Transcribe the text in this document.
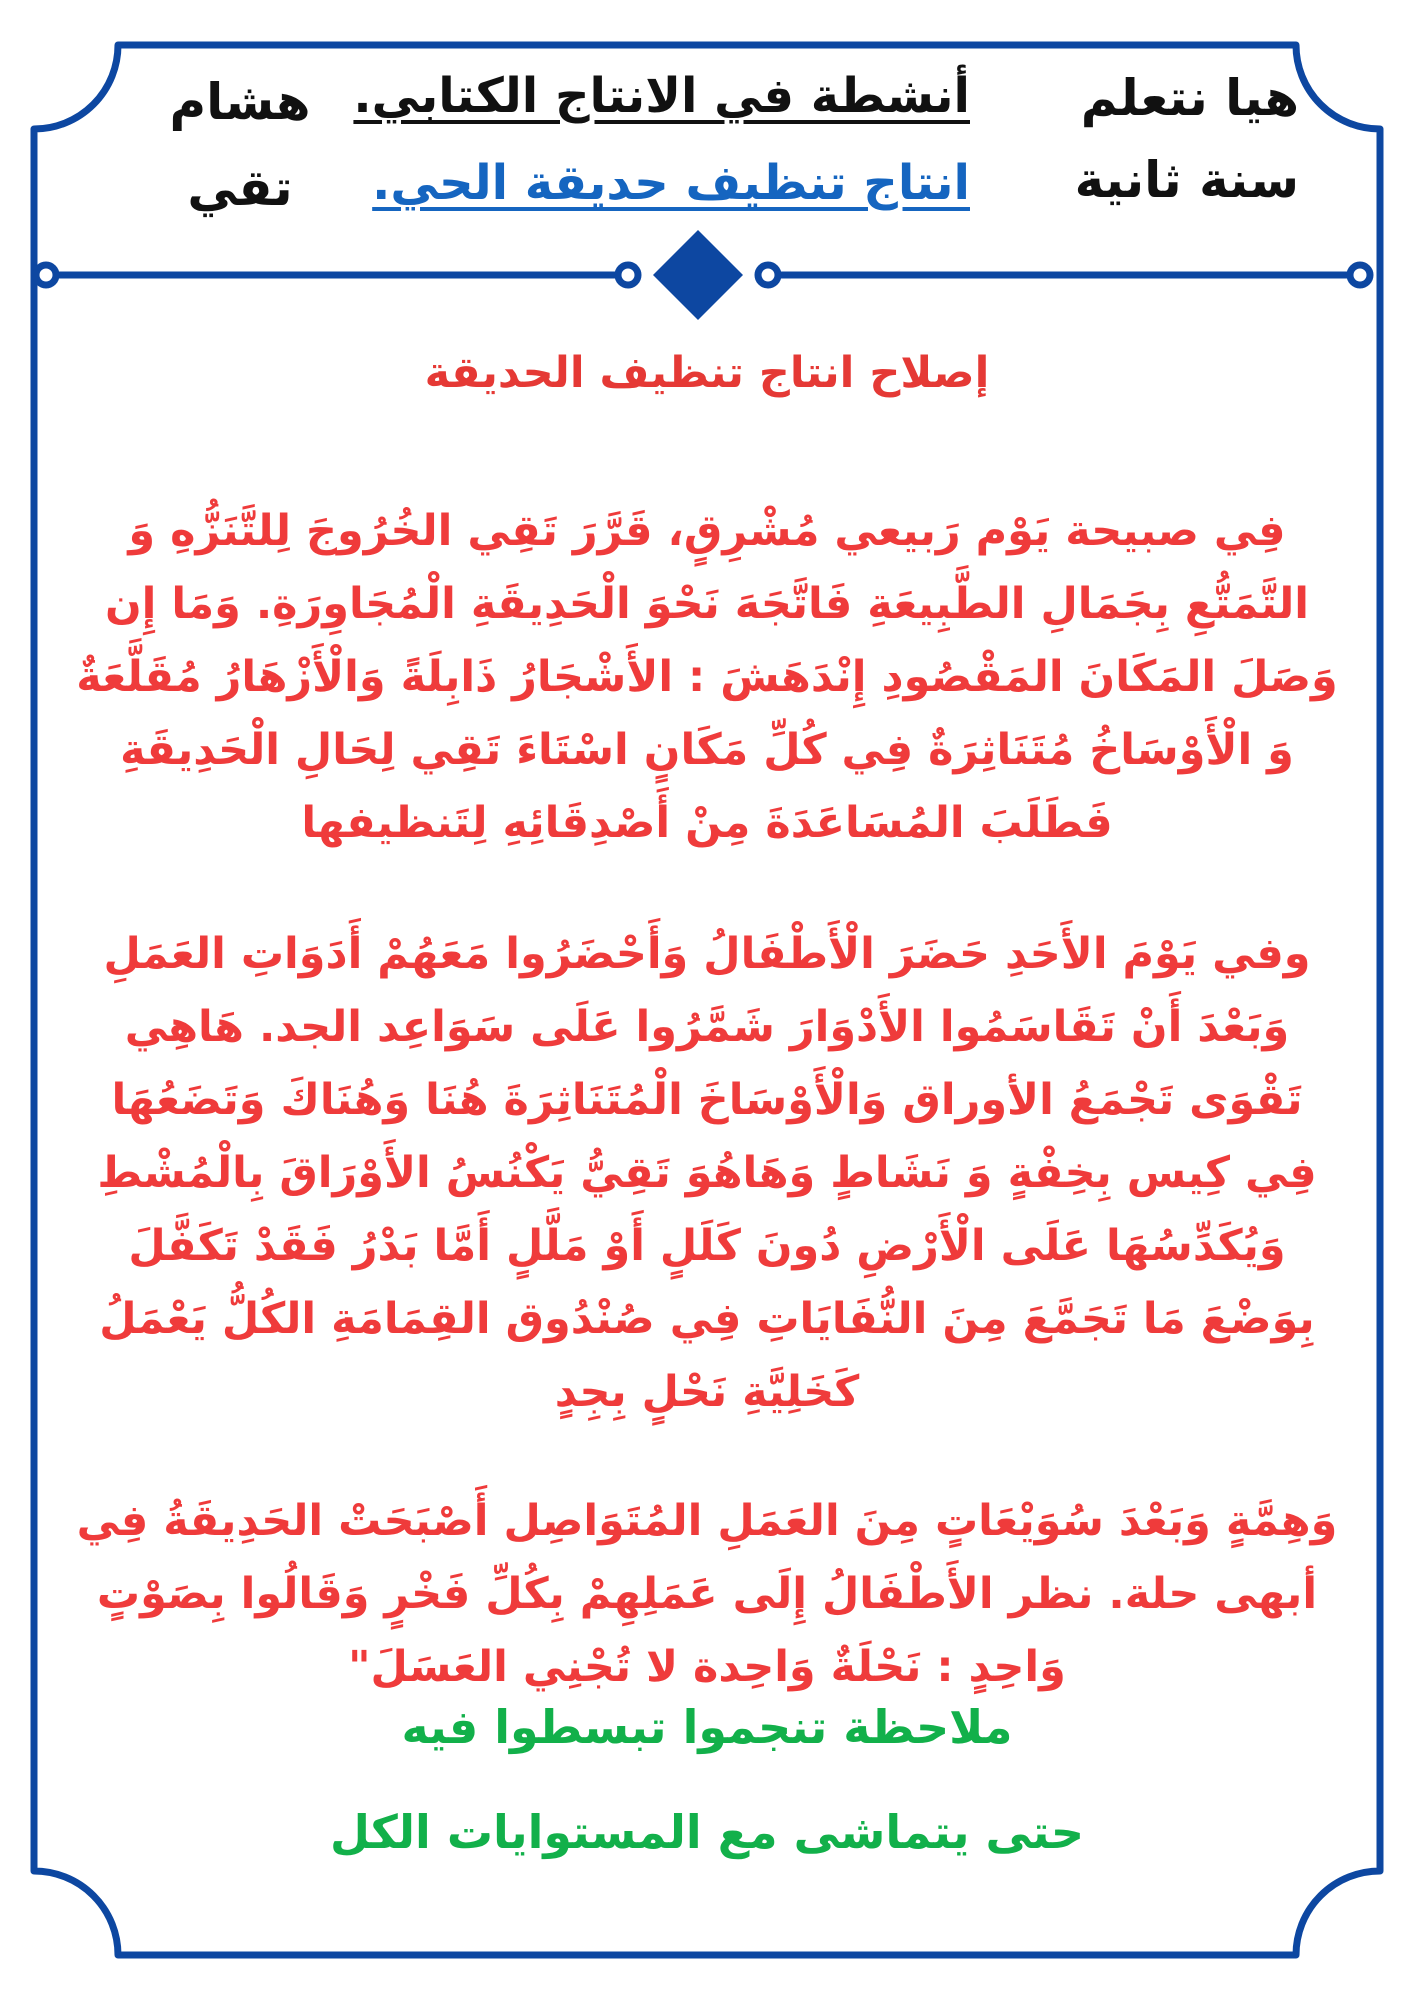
هيا نتعلم
سنة ثانية
أنشطة في الانتاج الكتابي.
انتاج تنظيف حديقة الحي.
هشام
تقي
إصلاح انتاج تنظيف الحديقة
فِي صبيحة يَوْم رَبيعي مُشْرِقٍ، قَرَّرَ تَقِي الخُرُوجَ لِلتَّنَزُّهِ وَ التَّمَتُّعِ بِجَمَالِ الطَّبِيعَةِ فَاتَّجَهَ نَحْوَ الْحَدِيقَةِ الْمُجَاوِرَةِ. وَمَا إِن وَصَلَ المَكَانَ المَقْصُودِ إِنْدَهَشَ : الأَشْجَارُ ذَابِلَةً وَالْأَزْهَارُ مُقَلَّعَةٌ وَ الْأَوْسَاخُ مُتَنَاثِرَةٌ فِي كُلِّ مَكَانٍ اسْتَاءَ تَقِي لِحَالِ الْحَدِيقَةِ فَطَلَبَ المُسَاعَدَةَ مِنْ أَصْدِقَائِهِ لِتَنظيفها
وفي يَوْمَ الأَحَدِ حَضَرَ الْأَطْفَالُ وَأَحْضَرُوا مَعَهُمْ أَدَوَاتِ العَمَلِ وَبَعْدَ أَنْ تَقَاسَمُوا الأَدْوَارَ شَمَّرُوا عَلَى سَوَاعِد الجد. هَاهِي تَقْوَى تَجْمَعُ الأوراق وَالْأَوْسَاخَ الْمُتَنَاثِرَةَ هُنَا وَهُنَاكَ وَتَضَعُهَا فِي كِيس بِخِفْةٍ وَ نَشَاطٍ وَهَاهُوَ تَقِيُّ يَكْنُسُ الأَوْرَاقَ بِالْمُشْطِ وَيُكَدِّسُهَا عَلَى الْأَرْضِ دُونَ كَلَلٍ أَوْ مَلَّلٍ أَمَّا بَدْرُ فَقَدْ تَكَفَّلَ بِوَضْعَ مَا تَجَمَّعَ مِنَ النُّفَايَاتِ فِي صُنْدُوق القِمَامَةِ الكُلُّ يَعْمَلُ كَخَلِيَّةِ نَحْلٍ بِجِدٍ
وَهِمَّةٍ وَبَعْدَ سُوَيْعَاتٍ مِنَ العَمَلِ المُتَوَاصِل أَصْبَحَتْ الحَدِيقَةُ فِي أبهى حلة. نظر الأَطْفَالُ إِلَى عَمَلِهِمْ بِكُلِّ فَخْرٍ وَقَالُوا بِصَوْتٍ وَاحِدٍ : نَحْلَةٌ وَاحِدة لا تُجْنِي العَسَلَ"
ملاحظة تنجموا تبسطوا فيه
حتى يتماشى مع المستوايات الكل
